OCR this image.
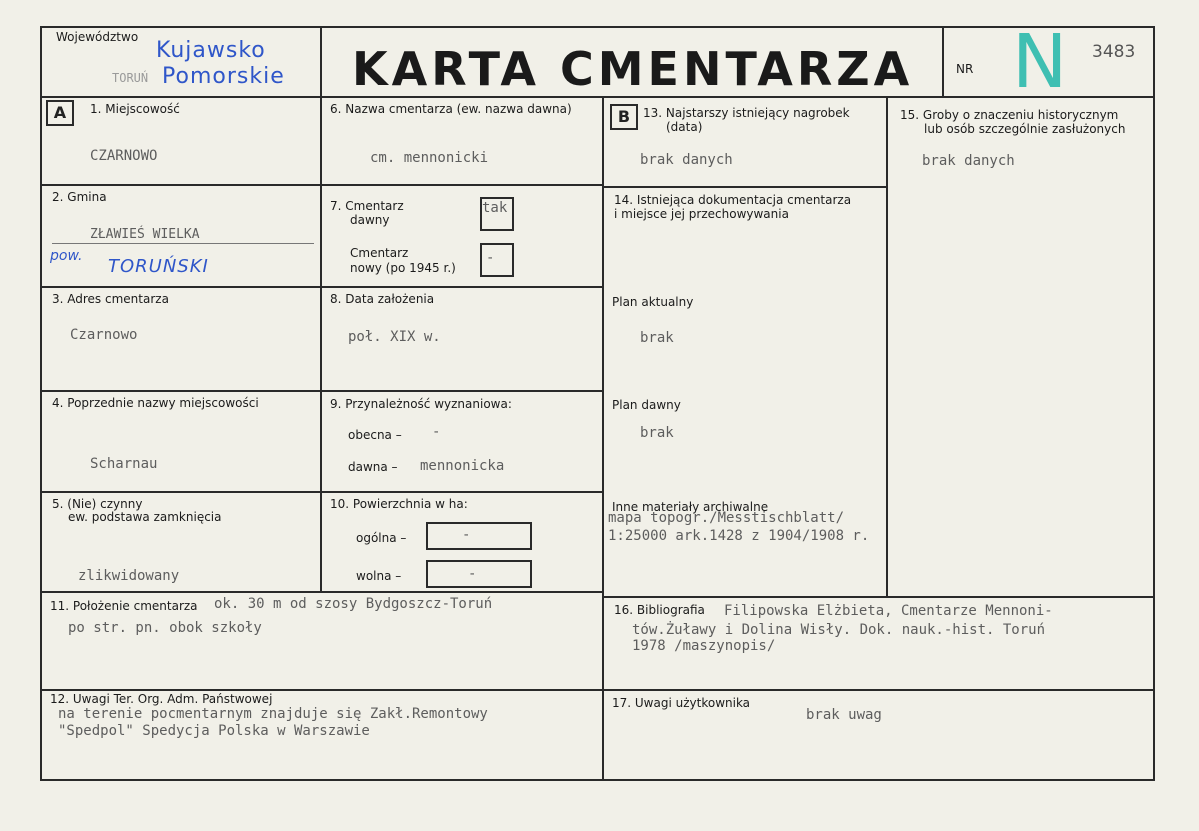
Województwo
TORUŃ
Kujawsko
Pomorskie KARTA CMENTARZA	NR N 3483
A	B
1. Miejscowość
CZARNOWO
2. Gmina
ZŁAWIEŚ WIELKA
pow. TORUŃSKI
3. Adres cmentarza
Czarnowo
4. Poprzednie nazwy miejscowości
Scharnau
5. (Nie) czynny
ew. podstawa zamknięcia
zlikwidowany
6. Nazwa cmentarza (ew. nazwa dawna)
cm. mennonicki
7. Cmentarz
dawny
tak
Cmentarz
nowy (po 1945 r.)
-
8. Data założenia
poł. XIX w.
9. Przynależność wyznaniowa:
obecna – -
dawna – mennonicka
10. Powierzchnia w ha:
ogólna –	-
wolna –	-
11. Położenie cmentarza ok. 30 m od szosy Bydgoszcz-Toruń
po str. pn. obok szkoły
12. Uwagi Ter. Org. Adm. Państwowej
na terenie pocmentarnym znajduje się Zakł.Remontowy
"Spedpol" Spedycja Polska w Warszawie
13. Najstarszy istniejący nagrobek
(data)
brak danych
14. Istniejąca dokumentacja cmentarza
i miejsce jej przechowywania
Plan aktualny
brak
Plan dawny
brak
Inne materiały archiwalne
mapa topogr./Messtischblatt/
1:25000 ark.1428 z 1904/1908 r.
15. Groby o znaczeniu historycznym
lub osób szczególnie zasłużonych
brak danych
16. Bibliografia Filipowska Elżbieta, Cmentarze Mennoni-
tów.Żuławy i Dolina Wisły. Dok. nauk.-hist. Toruń
1978 /maszynopis/
17. Uwagi użytkownika
brak uwag
